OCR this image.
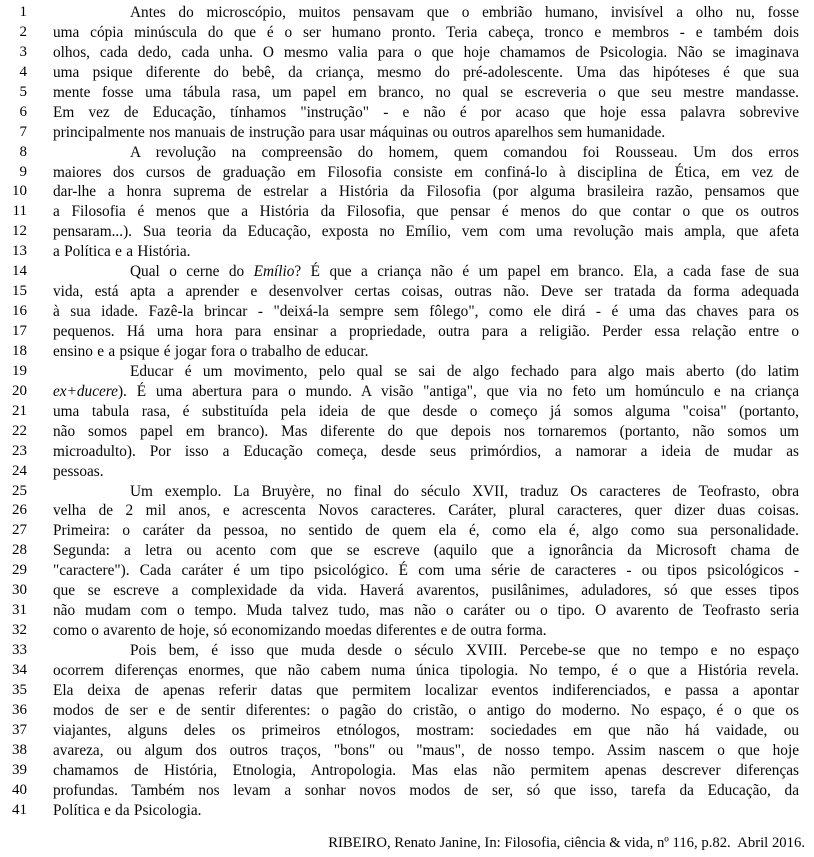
1	Antes do microscópio, muitos pensavam que o embrião humano, invisível a olho nu, fosse
2 uma cópia minúscula do que é o ser humano pronto. Teria cabeça, tronco e membros - e também dois
3 olhos, cada dedo, cada unha. O mesmo valia para o que hoje chamamos de Psicologia. Não se imaginava
4 uma psique diferente do bebê, da criança, mesmo do pré-adolescente. Uma das hipóteses é que sua
5 mente fosse uma tábula rasa, um papel em branco, no qual se escreveria o que seu mestre mandasse.
6 Em vez de Educação, tínhamos "instrução" - e não é por acaso que hoje essa palavra sobrevive
7 principalmente nos manuais de instrução para usar máquinas ou outros aparelhos sem humanidade.
8	A revolução na compreensão do homem, quem comandou foi Rousseau. Um dos erros
9 maiores dos cursos de graduação em Filosofia consiste em confiná-lo à disciplina de Ética, em vez de
10 dar-lhe a honra suprema de estrelar a História da Filosofia (por alguma brasileira razão, pensamos que
11 a Filosofia é menos que a História da Filosofia, que pensar é menos do que contar o que os outros
12 pensaram...). Sua teoria da Educação, exposta no Emílio, vem com uma revolução mais ampla, que afeta
13 a Política e a História.
14	Qual o cerne do Emílio? É que a criança não é um papel em branco. Ela, a cada fase de sua
15 vida, está apta a aprender e desenvolver certas coisas, outras não. Deve ser tratada da forma adequada
16 à sua idade. Fazê-la brincar - "deixá-la sempre sem fôlego", como ele dirá - é uma das chaves para os
17 pequenos. Há uma hora para ensinar a propriedade, outra para a religião. Perder essa relação entre o
18 ensino e a psique é jogar fora o trabalho de educar.
19	Educar é um movimento, pelo qual se sai de algo fechado para algo mais aberto (do latim
20 ex+ducere). É uma abertura para o mundo. A visão "antiga", que via no feto um homúnculo e na criança
21 uma tabula rasa, é substituída pela ideia de que desde o começo já somos alguma "coisa" (portanto,
22 não somos papel em branco). Mas diferente do que depois nos tornaremos (portanto, não somos um
23 microadulto). Por isso a Educação começa, desde seus primórdios, a namorar a ideia de mudar as
24 pessoas.
25	Um exemplo. La Bruyère, no final do século XVII, traduz Os caracteres de Teofrasto, obra
26 velha de 2 mil anos, e acrescenta Novos caracteres. Caráter, plural caracteres, quer dizer duas coisas.
27 Primeira: o caráter da pessoa, no sentido de quem ela é, como ela é, algo como sua personalidade.
28 Segunda: a letra ou acento com que se escreve (aquilo que a ignorância da Microsoft chama de
29 "caractere"). Cada caráter é um tipo psicológico. É com uma série de caracteres - ou tipos psicológicos -
30 que se escreve a complexidade da vida. Haverá avarentos, pusilânimes, aduladores, só que esses tipos
31 não mudam com o tempo. Muda talvez tudo, mas não o caráter ou o tipo. O avarento de Teofrasto seria
32 como o avarento de hoje, só economizando moedas diferentes e de outra forma.
33	Pois bem, é isso que muda desde o século XVIII. Percebe-se que no tempo e no espaço
34 ocorrem diferenças enormes, que não cabem numa única tipologia. No tempo, é o que a História revela.
35 Ela deixa de apenas referir datas que permitem localizar eventos indiferenciados, e passa a apontar
36 modos de ser e de sentir diferentes: o pagão do cristão, o antigo do moderno. No espaço, é o que os
37 viajantes, alguns deles os primeiros etnólogos, mostram: sociedades em que não há vaidade, ou
38 avareza, ou algum dos outros traços, "bons" ou "maus", de nosso tempo. Assim nascem o que hoje
39 chamamos de História, Etnologia, Antropologia. Mas elas não permitem apenas descrever diferenças
40 profundas. Também nos levam a sonhar novos modos de ser, só que isso, tarefa da Educação, da
41 Política e da Psicologia.
RIBEIRO, Renato Janine, In: Filosofia, ciência & vida, nº 116, p.82.  Abril 2016.
